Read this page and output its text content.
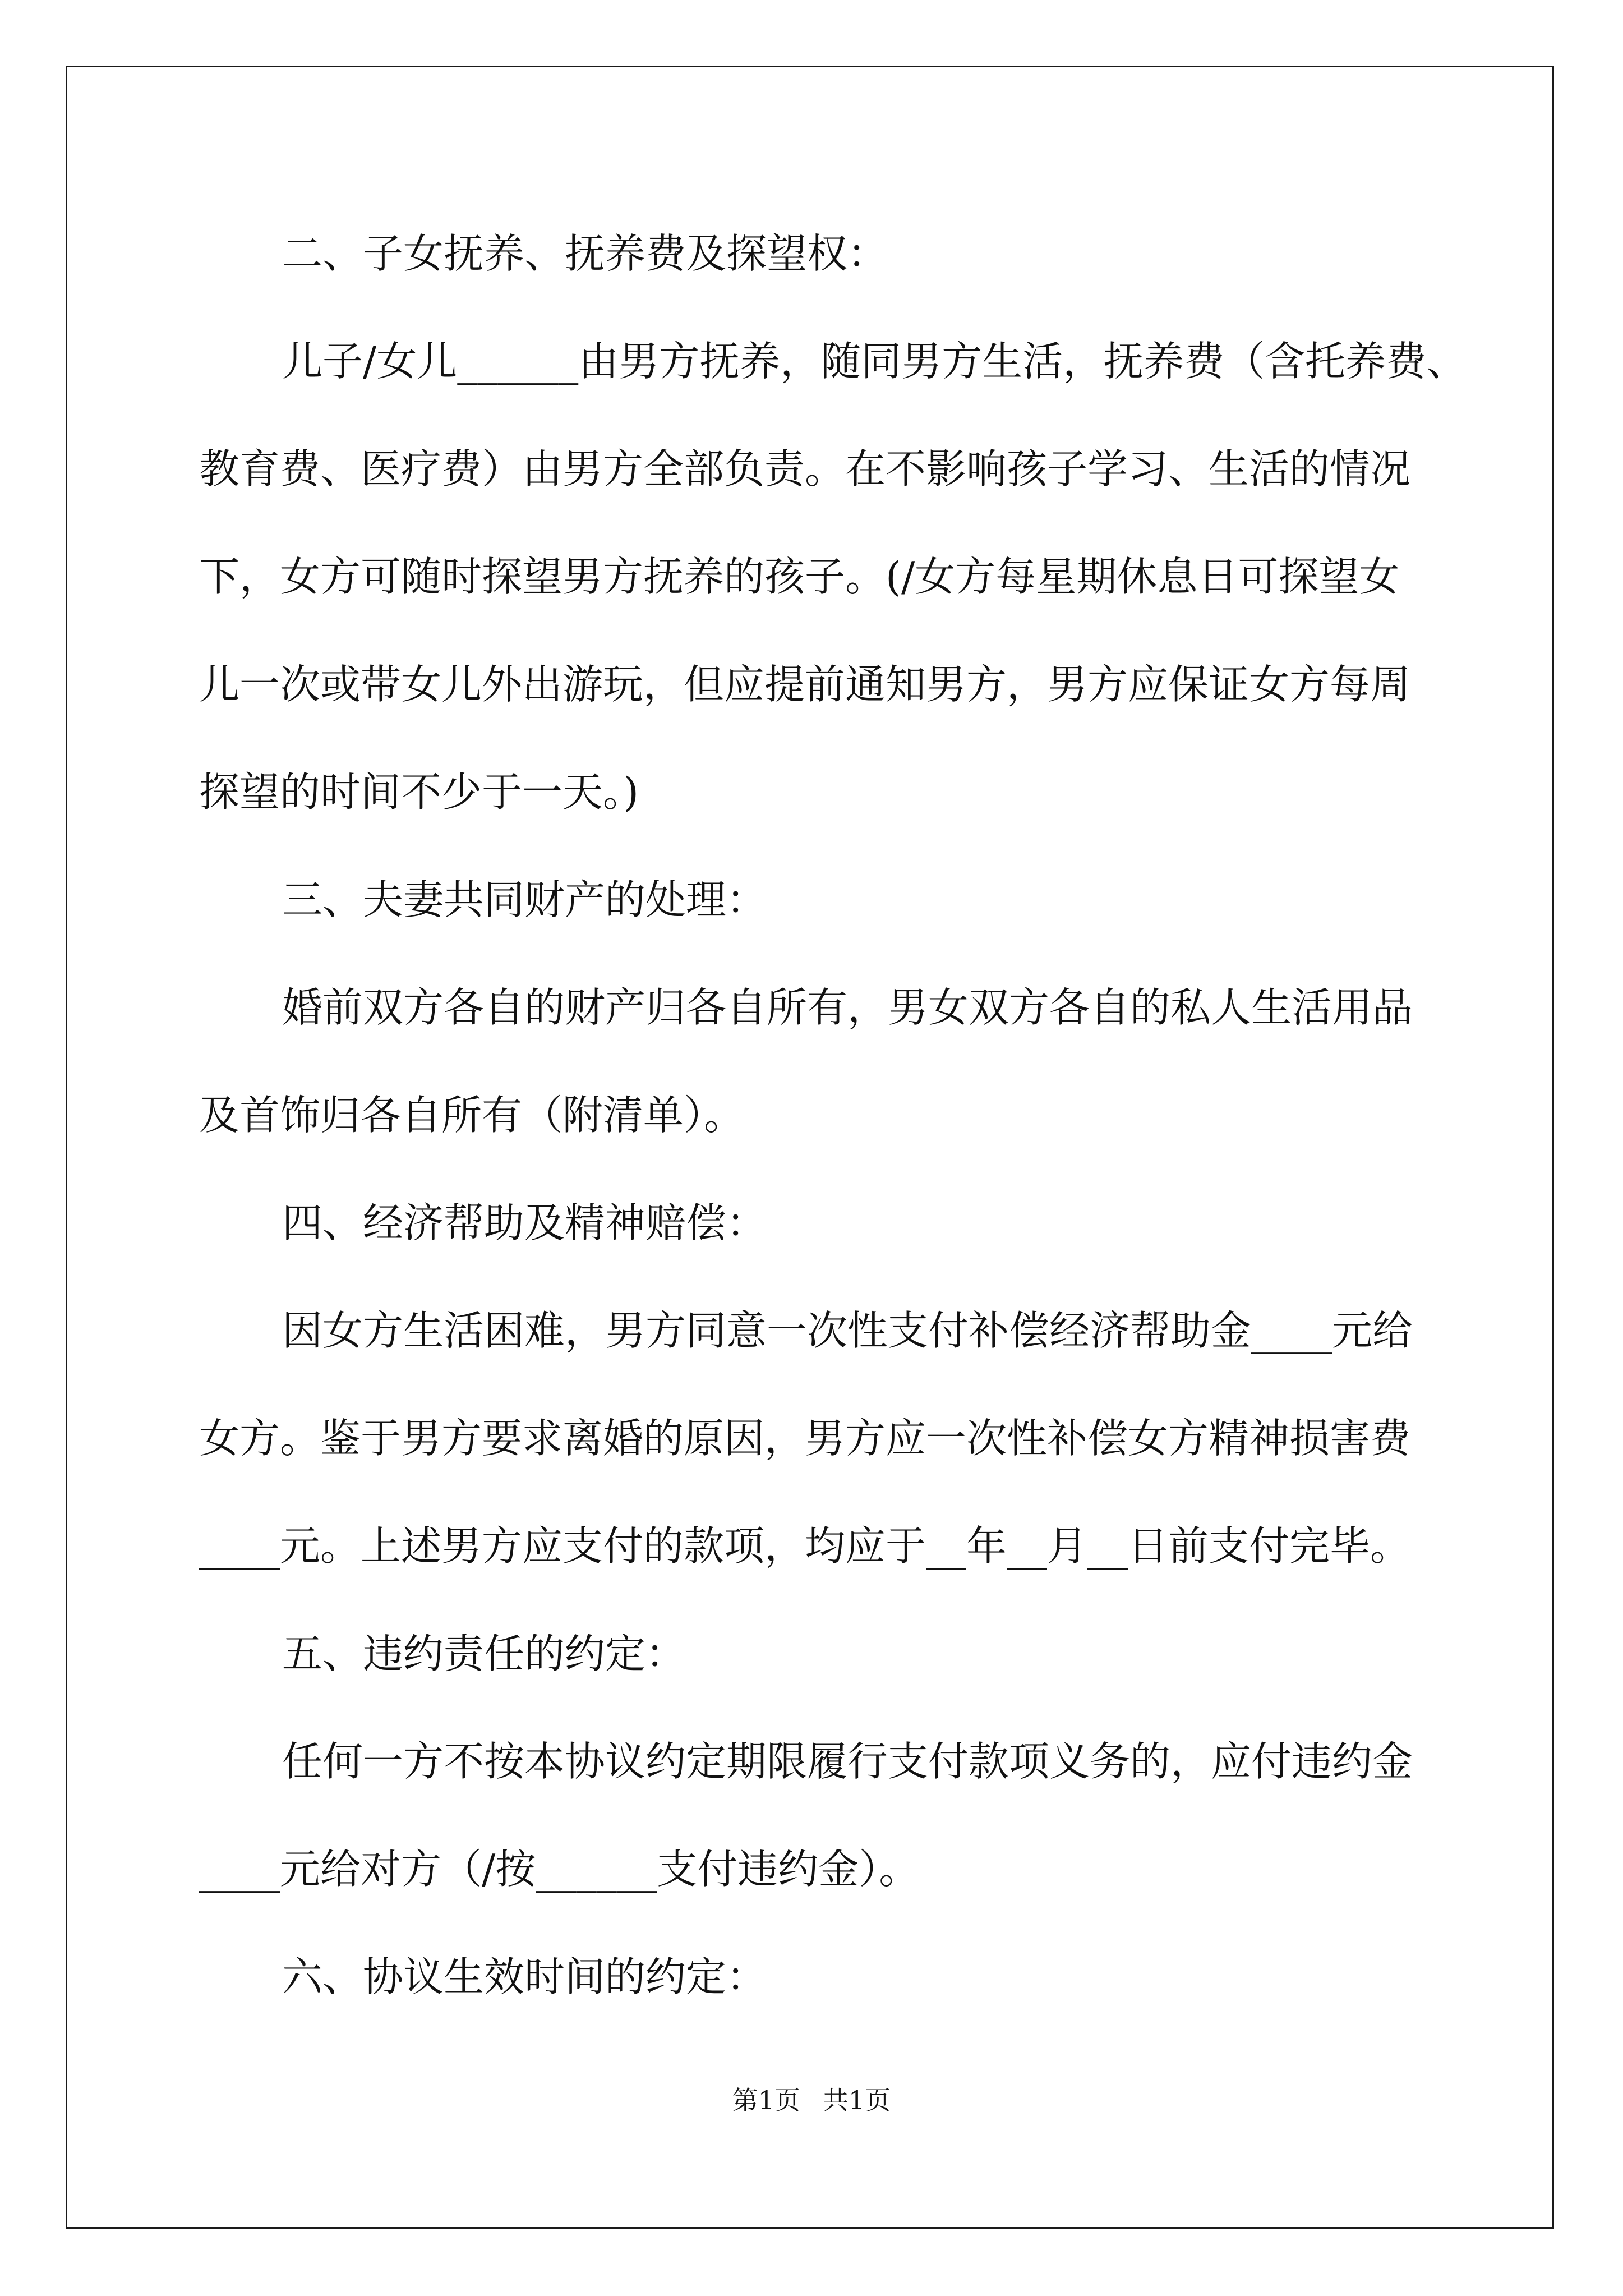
二、子女抚养、抚养费及探望权：
儿子/女儿______由男方抚养，随同男方生活，抚养费（含托养费、
教育费、医疗费）由男方全部负责。在不影响孩子学习、生活的情况
下，女方可随时探望男方抚养的孩子。(/女方每星期休息日可探望女
儿一次或带女儿外出游玩，但应提前通知男方，男方应保证女方每周
探望的时间不少于一天。)
三、夫妻共同财产的处理：
婚前双方各自的财产归各自所有，男女双方各自的私人生活用品
及首饰归各自所有（附清单）。
四、经济帮助及精神赔偿：
因女方生活困难，男方同意一次性支付补偿经济帮助金____元给
女方。鉴于男方要求离婚的原因，男方应一次性补偿女方精神损害费
____元。上述男方应支付的款项，均应于__年__月__日前支付完毕。
五、违约责任的约定：
任何一方不按本协议约定期限履行支付款项义务的，应付违约金
____元给对方（/按______支付违约金）。
六、协议生效时间的约定：
第1页 共1页
